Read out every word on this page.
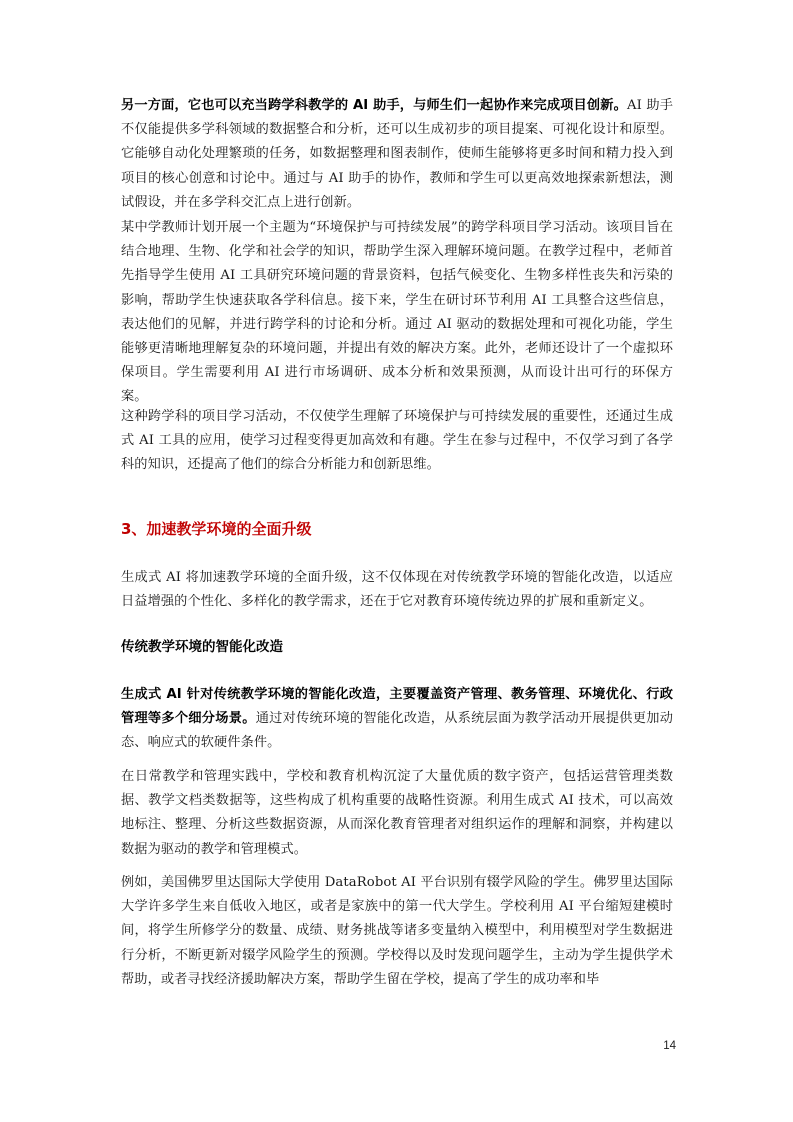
另一方面，它也可以充当跨学科教学的 AI 助手，与师生们一起协作来完成项目创新。AI 助手不仅能提供多学科领域的数据整合和分析，还可以生成初步的项目提案、可视化设计和原型。它能够自动化处理繁琐的任务，如数据整理和图表制作，使师生能够将更多时间和精力投入到项目的核心创意和讨论中。通过与 AI 助手的协作，教师和学生可以更高效地探索新想法，测试假设，并在多学科交汇点上进行创新。
某中学教师计划开展一个主题为“环境保护与可持续发展”的跨学科项目学习活动。该项目旨在结合地理、生物、化学和社会学的知识，帮助学生深入理解环境问题。在教学过程中，老师首先指导学生使用 AI 工具研究环境问题的背景资料，包括气候变化、生物多样性丧失和污染的影响，帮助学生快速获取各学科信息。接下来，学生在研讨环节利用 AI 工具整合这些信息，表达他们的见解，并进行跨学科的讨论和分析。通过 AI 驱动的数据处理和可视化功能，学生能够更清晰地理解复杂的环境问题，并提出有效的解决方案。此外，老师还设计了一个虚拟环保项目。学生需要利用 AI 进行市场调研、成本分析和效果预测，从而设计出可行的环保方案。
这种跨学科的项目学习活动，不仅使学生理解了环境保护与可持续发展的重要性，还通过生成式 AI 工具的应用，使学习过程变得更加高效和有趣。学生在参与过程中，不仅学习到了各学科的知识，还提高了他们的综合分析能力和创新思维。
3、加速教学环境的全面升级
生成式 AI 将加速教学环境的全面升级，这不仅体现在对传统教学环境的智能化改造，以适应日益增强的个性化、多样化的教学需求，还在于它对教育环境传统边界的扩展和重新定义。
传统教学环境的智能化改造
生成式 AI 针对传统教学环境的智能化改造，主要覆盖资产管理、教务管理、环境优化、行政管理等多个细分场景。通过对传统环境的智能化改造，从系统层面为教学活动开展提供更加动态、响应式的软硬件条件。
在日常教学和管理实践中，学校和教育机构沉淀了大量优质的数字资产，包括运营管理类数据、教学文档类数据等，这些构成了机构重要的战略性资源。利用生成式 AI 技术，可以高效地标注、整理、分析这些数据资源，从而深化教育管理者对组织运作的理解和洞察，并构建以数据为驱动的教学和管理模式。
例如，美国佛罗里达国际大学使用 DataRobot AI 平台识别有辍学风险的学生。佛罗里达国际大学许多学生来自低收入地区，或者是家族中的第一代大学生。学校利用 AI 平台缩短建模时间，将学生所修学分的数量、成绩、财务挑战等诸多变量纳入模型中，利用模型对学生数据进行分析，不断更新对辍学风险学生的预测。学校得以及时发现问题学生，主动为学生提供学术帮助，或者寻找经济援助解决方案，帮助学生留在学校，提高了学生的成功率和毕
14
